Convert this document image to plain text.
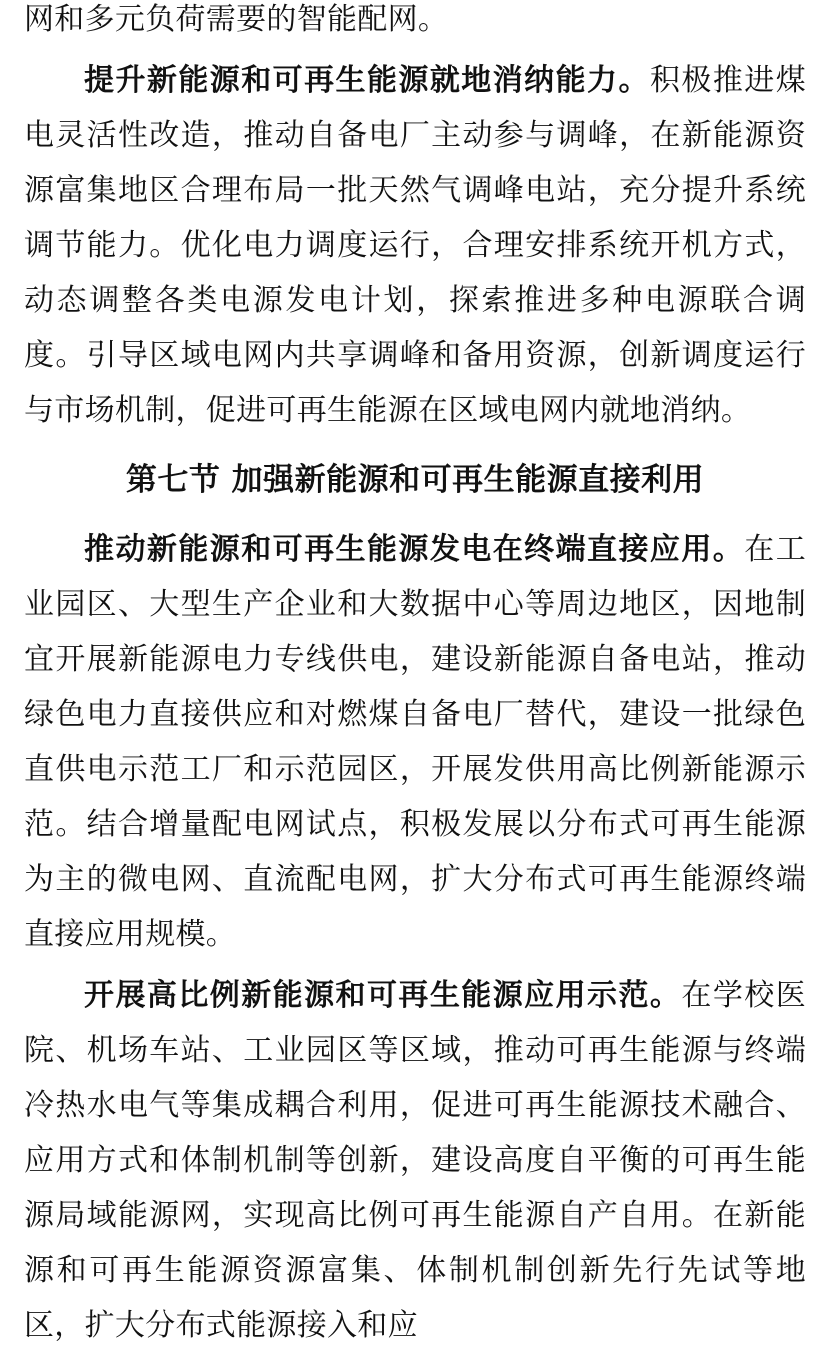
网和多元负荷需要的智能配网。

提升新能源和可再生能源就地消纳能力。积极推进煤电灵活性改造，推动自备电厂主动参与调峰，在新能源资源富集地区合理布局一批天然气调峰电站，充分提升系统调节能力。优化电力调度运行，合理安排系统开机方式，动态调整各类电源发电计划，探索推进多种电源联合调度。引导区域电网内共享调峰和备用资源，创新调度运行与市场机制，促进可再生能源在区域电网内就地消纳。

第七节 加强新能源和可再生能源直接利用

推动新能源和可再生能源发电在终端直接应用。在工业园区、大型生产企业和大数据中心等周边地区，因地制宜开展新能源电力专线供电，建设新能源自备电站，推动绿色电力直接供应和对燃煤自备电厂替代，建设一批绿色直供电示范工厂和示范园区，开展发供用高比例新能源示范。结合增量配电网试点，积极发展以分布式可再生能源为主的微电网、直流配电网，扩大分布式可再生能源终端直接应用规模。

开展高比例新能源和可再生能源应用示范。在学校医院、机场车站、工业园区等区域，推动可再生能源与终端冷热水电气等集成耦合利用，促进可再生能源技术融合、应用方式和体制机制等创新，建设高度自平衡的可再生能源局域能源网，实现高比例可再生能源自产自用。在新能源和可再生能源资源富集、体制机制创新先行先试等地区，扩大分布式能源接入和应
